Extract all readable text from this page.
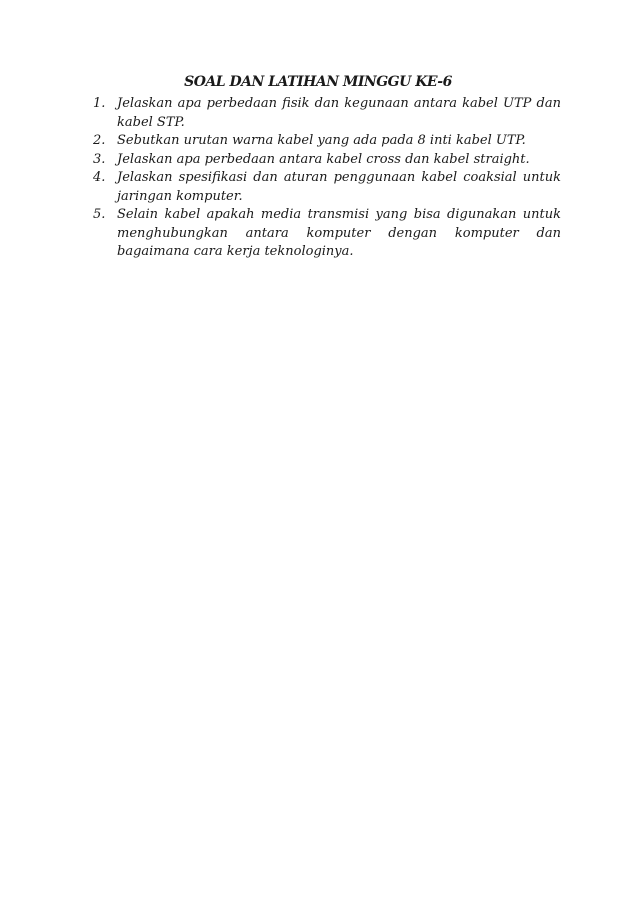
SOAL DAN LATIHAN MINGGU KE-6
1. Jelaskan apa perbedaan fisik dan kegunaan antara kabel UTP dan kabel STP.
2. Sebutkan urutan warna kabel yang ada pada 8 inti kabel UTP.
3. Jelaskan apa perbedaan antara kabel cross dan kabel straight.
4. Jelaskan spesifikasi dan aturan penggunaan kabel coaksial untuk jaringan komputer.
5. Selain kabel apakah media transmisi yang bisa digunakan untuk menghubungkan antara komputer dengan komputer dan bagaimana cara kerja teknologinya.
